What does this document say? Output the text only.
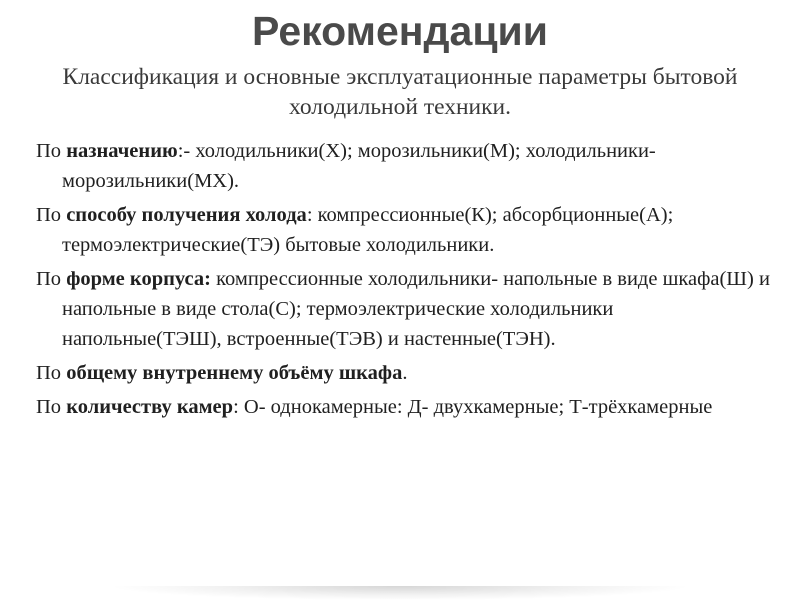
Рекомендации
Классификация и основные эксплуатационные параметры бытовой холодильной техники.
По назначению:- холодильники(Х); морозильники(М); холодильники-морозильники(МХ).
По способу получения холода: компрессионные(К); абсорбционные(А); термоэлектрические(ТЭ) бытовые холодильники.
По форме корпуса: компрессионные холодильники- напольные в виде шкафа(Ш) и напольные в виде стола(С); термоэлектрические холодильники напольные(ТЭШ), встроенные(ТЭВ) и настенные(ТЭН).
По общему внутреннему объёму шкафа.
По количеству камер: О- однокамерные: Д- двухкамерные; Т-трёхкамерные
